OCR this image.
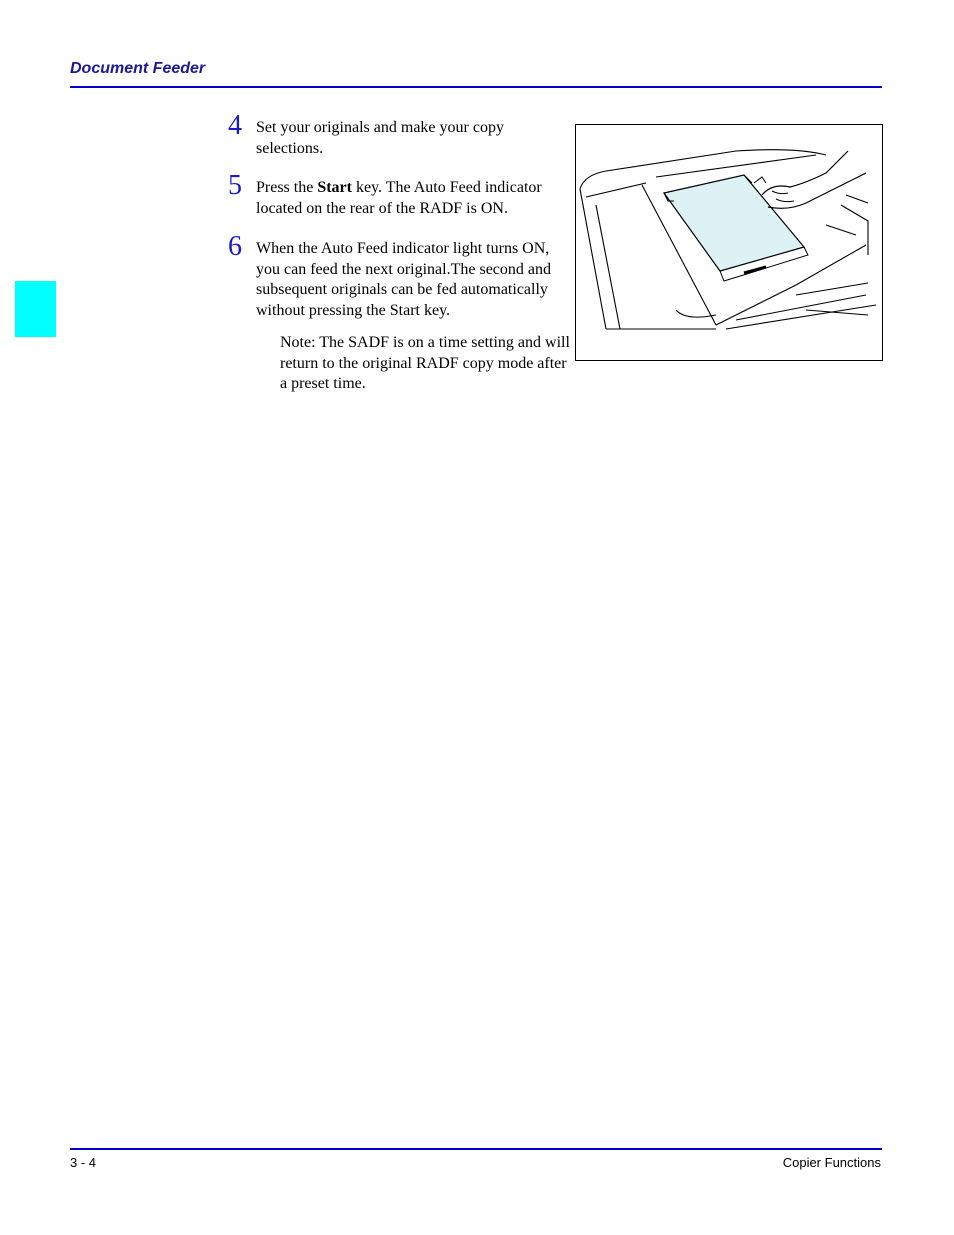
Document Feeder
4 Set your originals and make your copy selections.
5 Press the Start key. The Auto Feed indicator located on the rear of the RADF is ON.
6 When the Auto Feed indicator light turns ON, you can feed the next original.The second and subsequent originals can be fed automatically without pressing the Start key.
Note: The SADF is on a time setting and will return to the original RADF copy mode after a preset time.
3 - 4	Copier Functions
